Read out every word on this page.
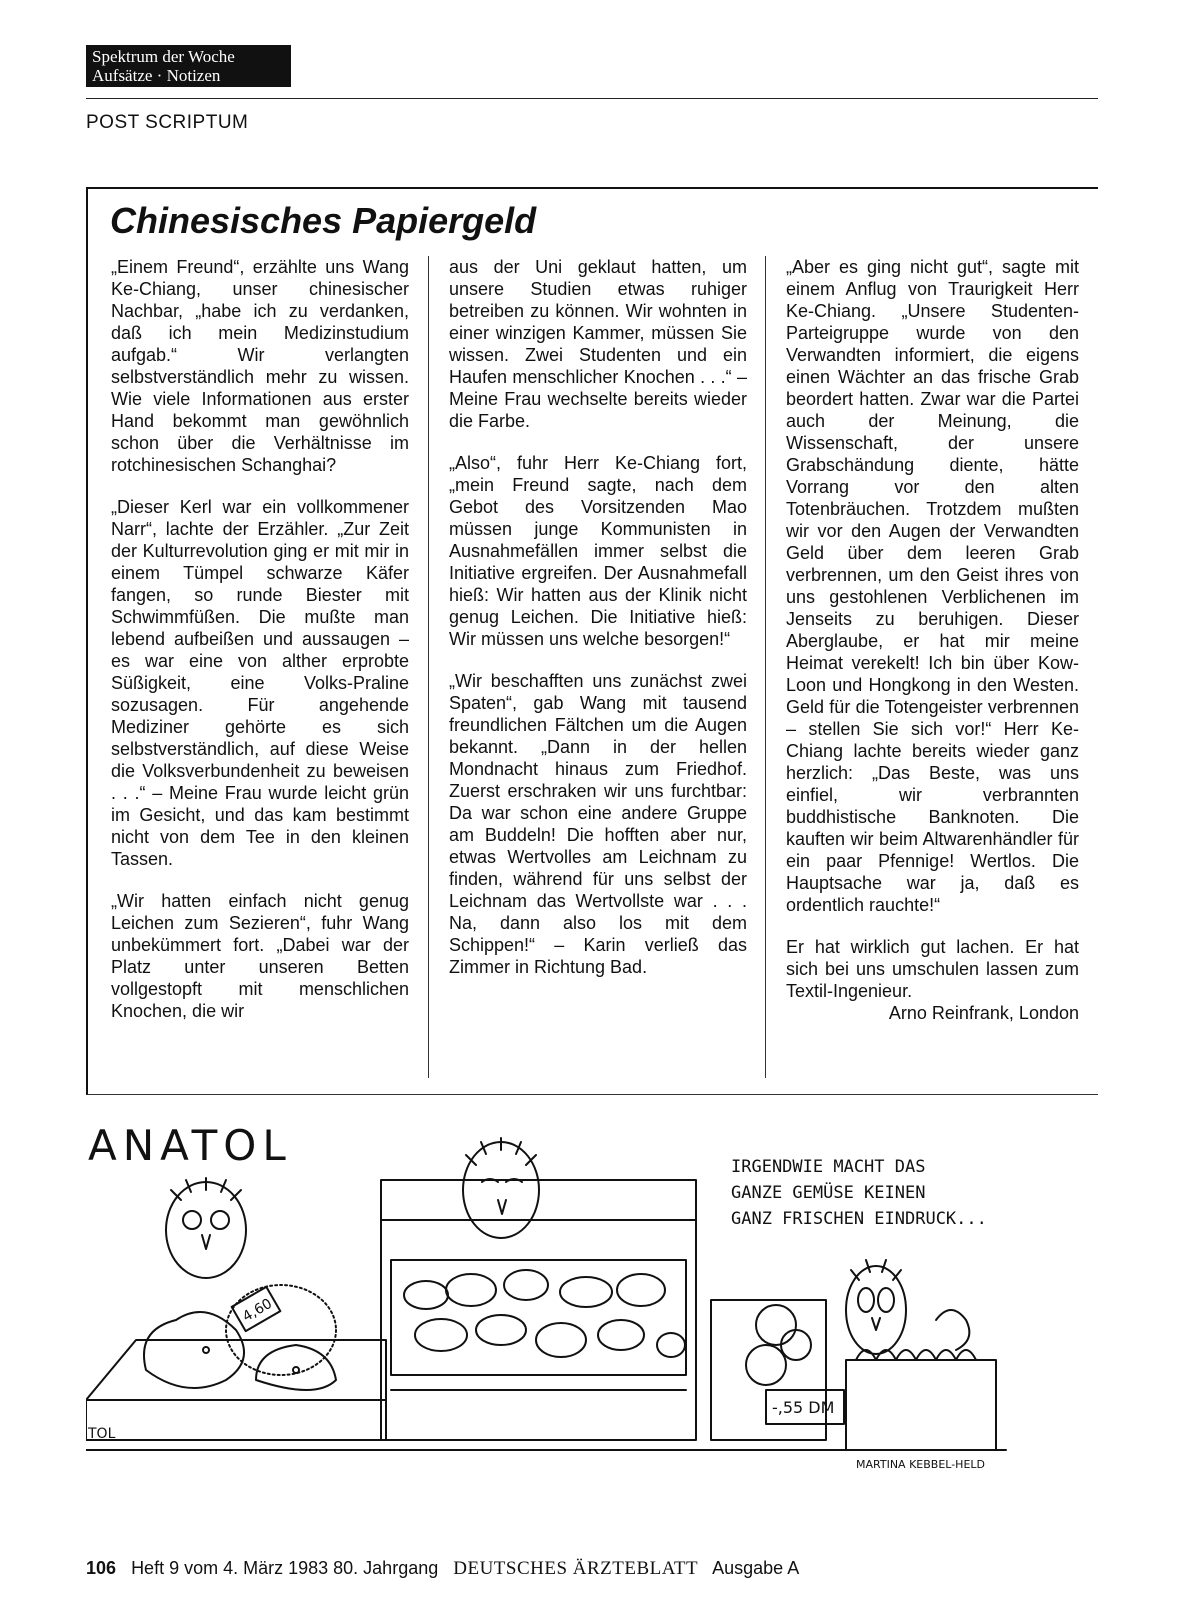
Spektrum der Woche
Aufsätze · Notizen
POST SCRIPTUM
Chinesisches Papiergeld

„Einem Freund“, erzählte uns Wang Ke-Chiang, unser chinesischer Nachbar, „habe ich zu verdanken, daß ich mein Medizinstudium aufgab.“ Wir verlangten selbstverständlich mehr zu wissen. Wie viele Informationen aus erster Hand bekommt man gewöhnlich schon über die Verhältnisse im rotchinesischen Schanghai?

„Dieser Kerl war ein vollkommener Narr“, lachte der Erzähler. „Zur Zeit der Kulturrevolution ging er mit mir in einem Tümpel schwarze Käfer fangen, so runde Biester mit Schwimmfüßen. Die mußte man lebend aufbeißen und aussaugen – es war eine von alther erprobte Süßigkeit, eine Volks-Praline sozusagen. Für angehende Mediziner gehörte es sich selbstverständlich, auf diese Weise die Volksverbundenheit zu beweisen . . .“ – Meine Frau wurde leicht grün im Gesicht, und das kam bestimmt nicht von dem Tee in den kleinen Tassen.

„Wir hatten einfach nicht genug Leichen zum Sezieren“, fuhr Wang unbekümmert fort. „Dabei war der Platz unter unseren Betten vollgestopft mit menschlichen Knochen, die wir

aus der Uni geklaut hatten, um unsere Studien etwas ruhiger betreiben zu können. Wir wohnten in einer winzigen Kammer, müssen Sie wissen. Zwei Studenten und ein Haufen menschlicher Knochen . . .“ – Meine Frau wechselte bereits wieder die Farbe.

„Also“, fuhr Herr Ke-Chiang fort, „mein Freund sagte, nach dem Gebot des Vorsitzenden Mao müssen junge Kommunisten in Ausnahmefällen immer selbst die Initiative ergreifen. Der Ausnahmefall hieß: Wir hatten aus der Klinik nicht genug Leichen. Die Initiative hieß: Wir müssen uns welche besorgen!“

„Wir beschafften uns zunächst zwei Spaten“, gab Wang mit tausend freundlichen Fältchen um die Augen bekannt. „Dann in der hellen Mondnacht hinaus zum Friedhof. Zuerst erschraken wir uns furchtbar: Da war schon eine andere Gruppe am Buddeln! Die hofften aber nur, etwas Wertvolles am Leichnam zu finden, während für uns selbst der Leichnam das Wertvollste war . . . Na, dann also los mit dem Schippen!“ – Karin verließ das Zimmer in Richtung Bad.

„Aber es ging nicht gut“, sagte mit einem Anflug von Traurigkeit Herr Ke-Chiang. „Unsere Studenten-Parteigruppe wurde von den Verwandten informiert, die eigens einen Wächter an das frische Grab beordert hatten. Zwar war die Partei auch der Meinung, die Wissenschaft, der unsere Grabschändung diente, hätte Vorrang vor den alten Totenbräuchen. Trotzdem mußten wir vor den Augen der Verwandten Geld über dem leeren Grab verbrennen, um den Geist ihres von uns gestohlenen Verblichenen im Jenseits zu beruhigen. Dieser Aberglaube, er hat mir meine Heimat verekelt! Ich bin über Kow-Loon und Hongkong in den Westen. Geld für die Totengeister verbrennen – stellen Sie sich vor!“ Herr Ke-Chiang lachte bereits wieder ganz herzlich: „Das Beste, was uns einfiel, wir verbrannten buddhistische Banknoten. Die kauften wir beim Altwarenhändler für ein paar Pfennige! Wertlos. Die Hauptsache war ja, daß es ordentlich rauchte!“

Er hat wirklich gut lachen. Er hat sich bei uns umschulen lassen zum Textil-Ingenieur.

Arno Reinfrank, London
ANATOL	IRGENDWIE MACHT DAS
GANZE GEMÜSE KEINEN
GANZ FRISCHEN EINDRUCK...
4,60
-,55 DM
TOL
MARTINA KEBBEL-HELD
106 Heft 9 vom 4. März 1983 80. Jahrgang DEUTSCHES ÄRZTEBLATT Ausgabe A
